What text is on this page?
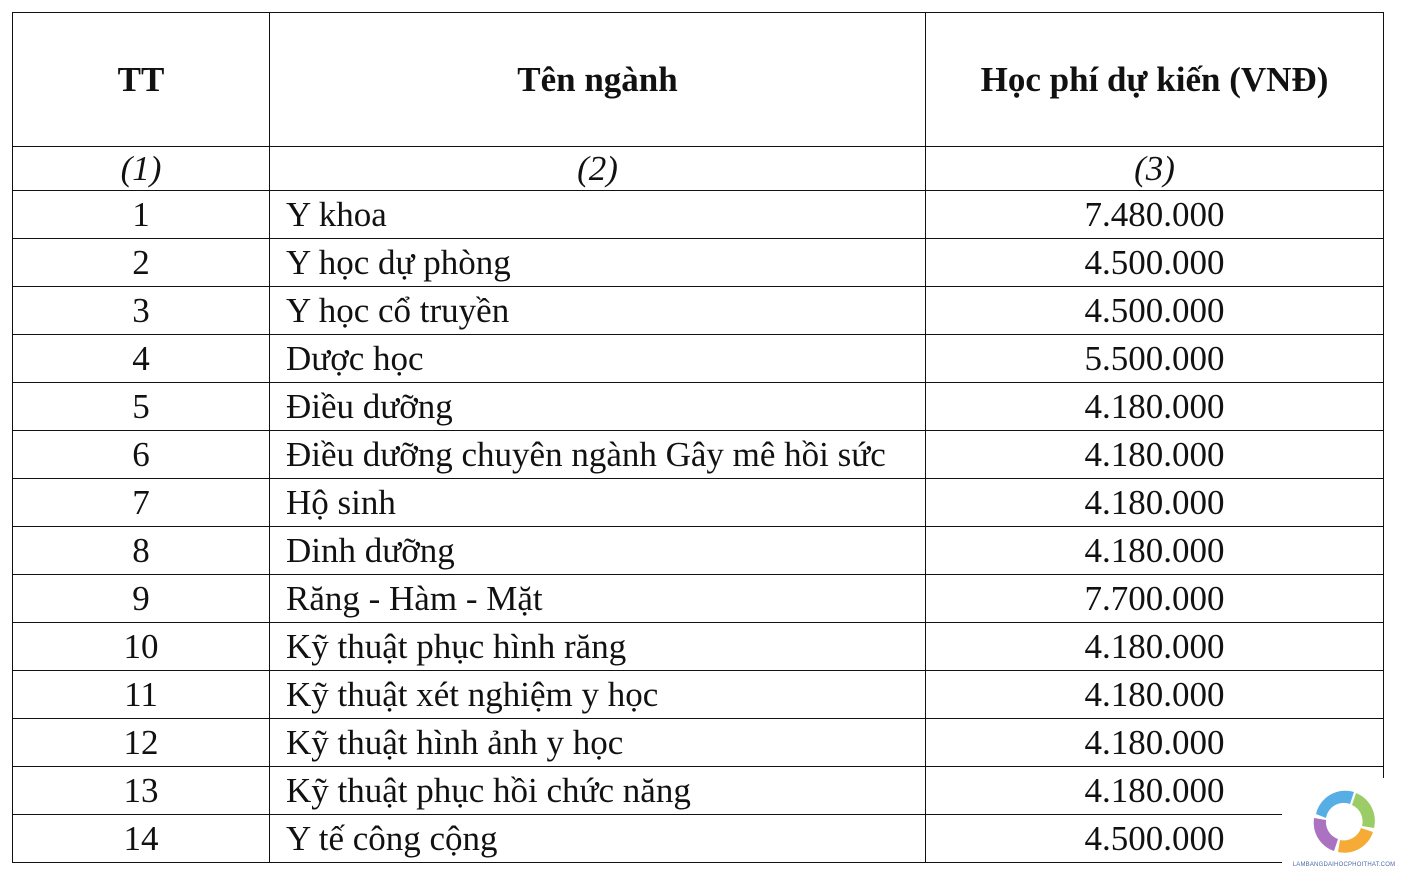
TT	Tên ngành	Học phí dự kiến (VNĐ)
(1)	(2)	(3)
1	Y khoa	7.480.000
2	Y học dự phòng	4.500.000
3	Y học cổ truyền	4.500.000
4	Dược học	5.500.000
5	Điều dưỡng	4.180.000
6	Điều dưỡng chuyên ngành Gây mê hồi sức	4.180.000
7	Hộ sinh	4.180.000
8	Dinh dưỡng	4.180.000
9	Răng - Hàm - Mặt	7.700.000
10	Kỹ thuật phục hình răng	4.180.000
11	Kỹ thuật xét nghiệm y học	4.180.000
12	Kỹ thuật hình ảnh y học	4.180.000
13	Kỹ thuật phục hồi chức năng	4.180.000
14	Y tế công cộng	4.500.000
LAMBANGDAIHOCPHOITHAT.COM
